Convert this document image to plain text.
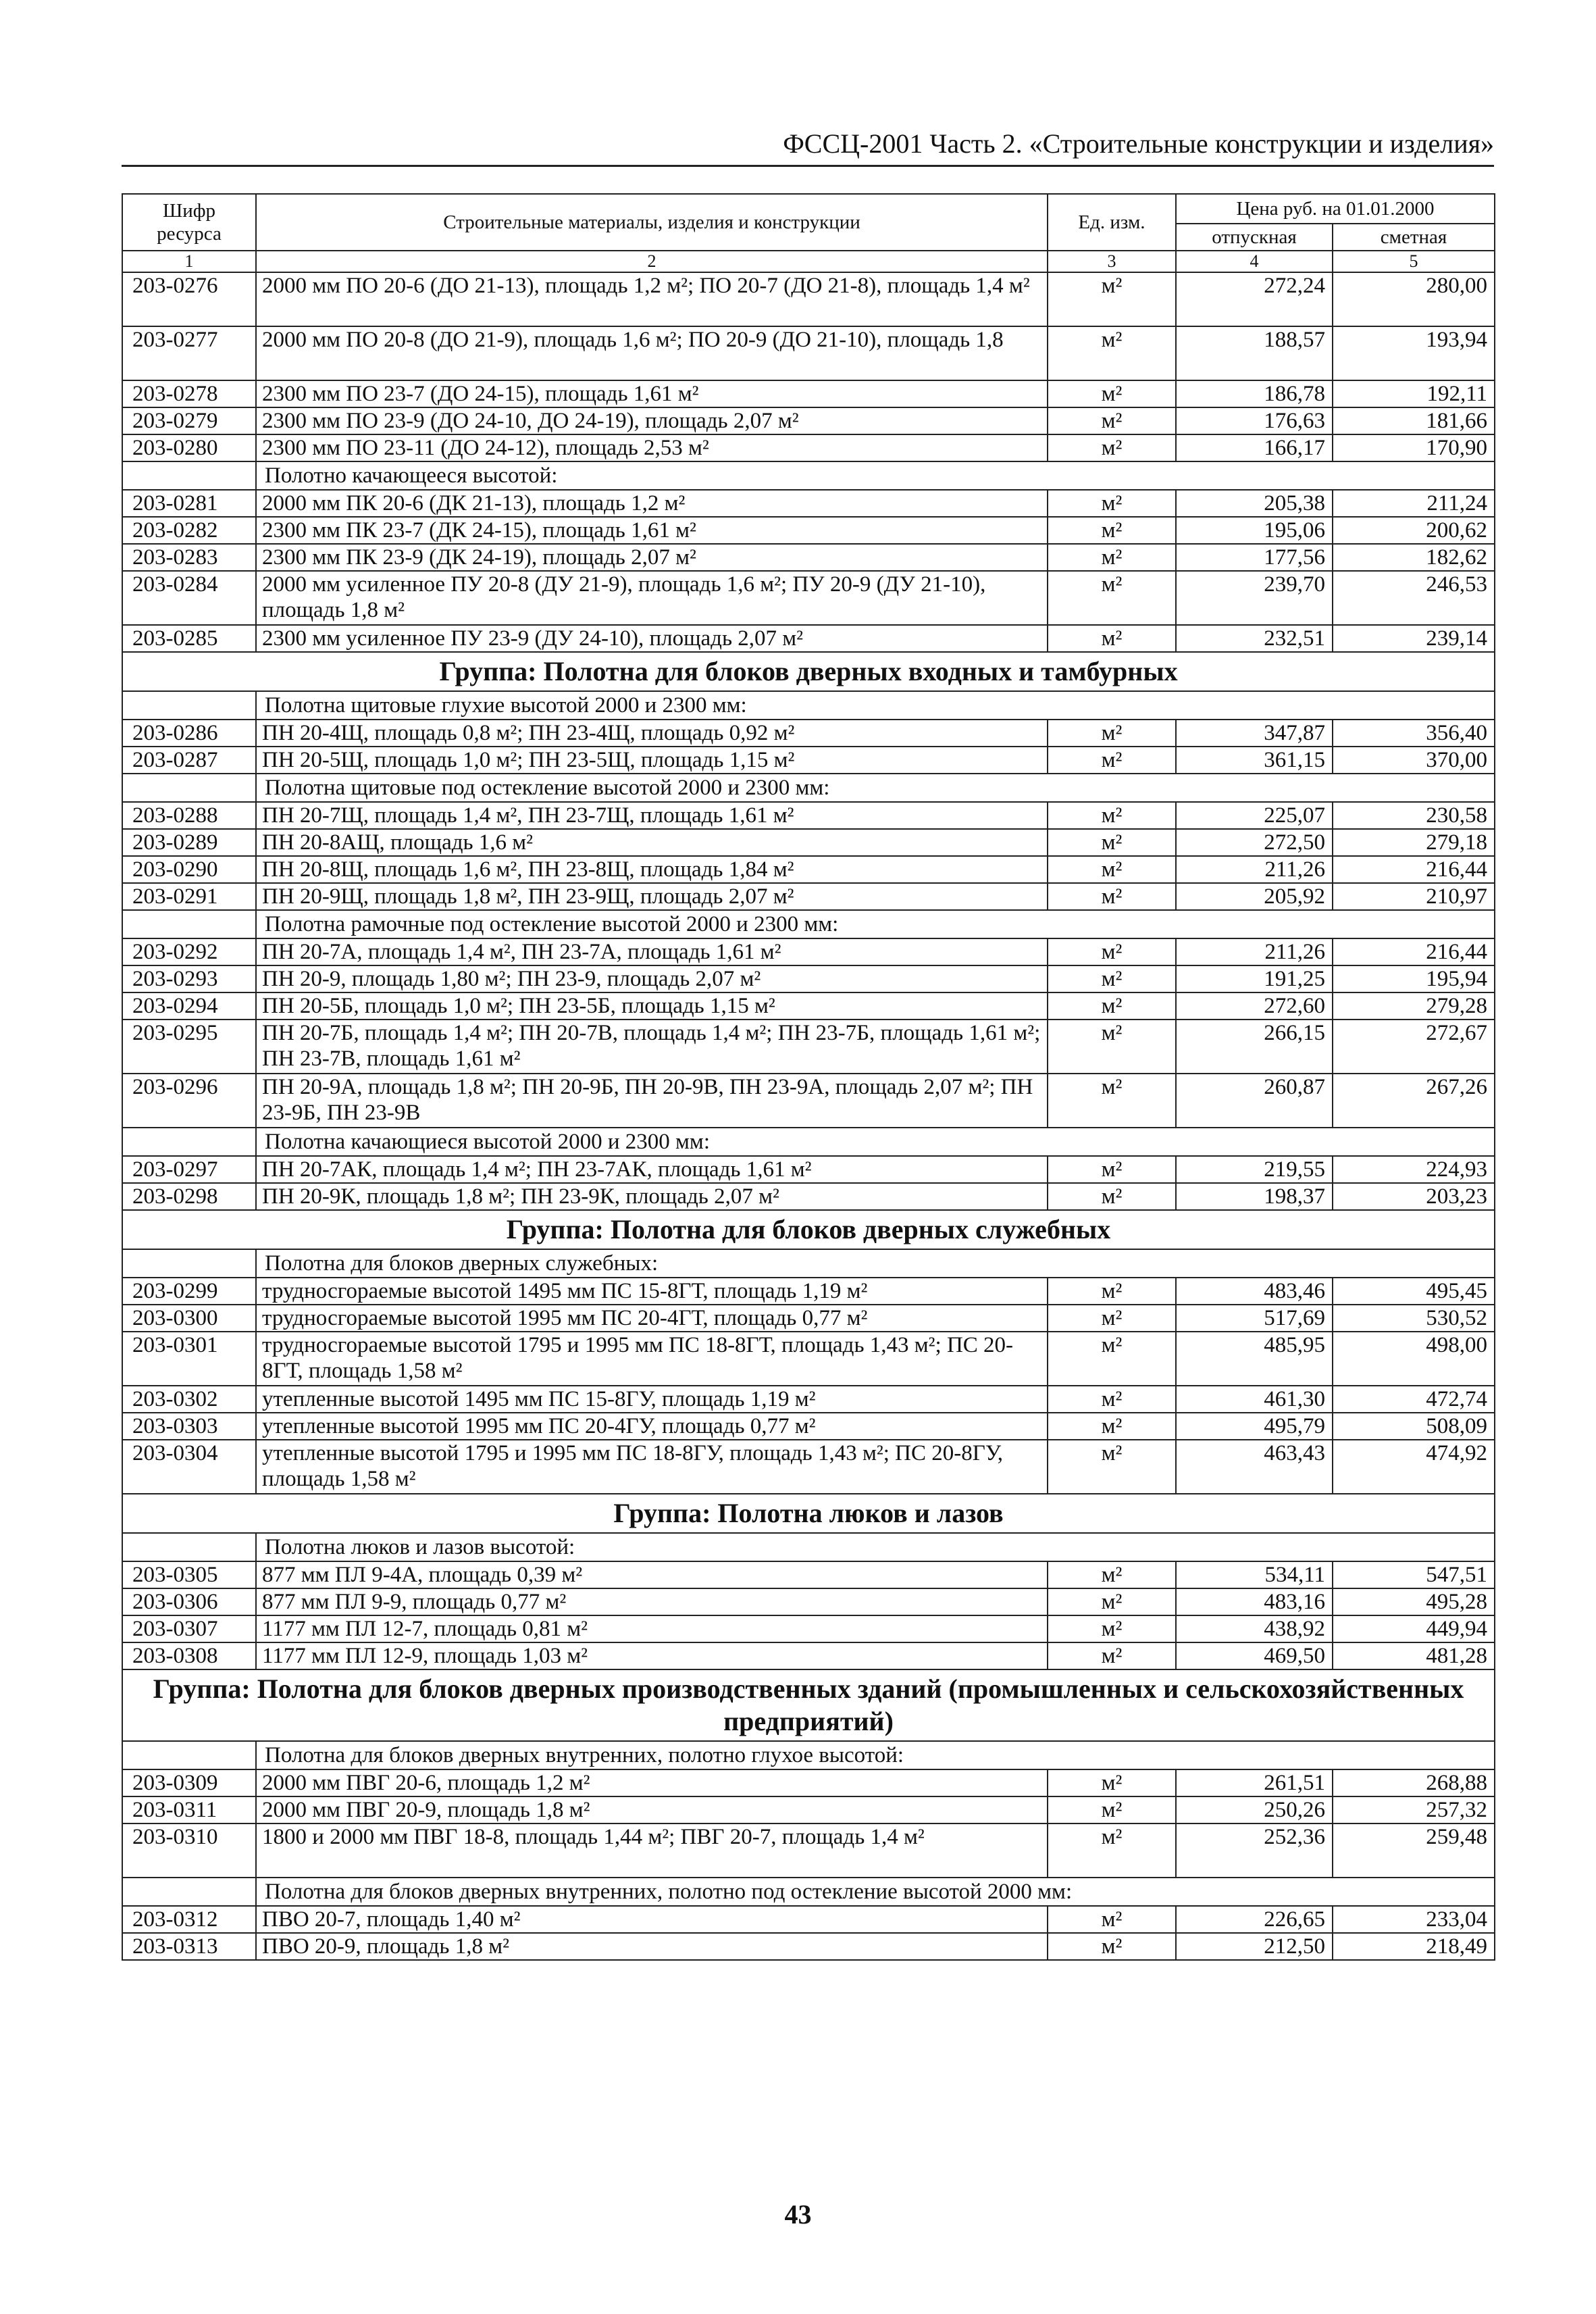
ФССЦ-2001 Часть 2. «Строительные конструкции и изделия»
Шифр ресурса	Строительные материалы, изделия и конструкции	Ед. изм.	Цена руб. на 01.01.2000	
			отпускная	сметная
1	2	3	4	5
203-0276	2000 мм ПО 20-6 (ДО 21-13), площадь 1,2 м²; ПО 20-7 (ДО 21-8), площадь 1,4 м²	м²	272,24	280,00
203-0277	2000 мм ПО 20-8 (ДО 21-9), площадь 1,6 м²; ПО 20-9 (ДО 21-10), площадь 1,8	м²	188,57	193,94
203-0278	2300 мм ПО 23-7 (ДО 24-15), площадь 1,61 м²	м²	186,78	192,11
203-0279	2300 мм ПО 23-9 (ДО 24-10, ДО 24-19), площадь 2,07 м²	м²	176,63	181,66
203-0280	2300 мм ПО 23-11 (ДО 24-12), площадь 2,53 м²	м²	166,17	170,90
	Полотно качающееся высотой:			
203-0281	2000 мм ПК 20-6 (ДК 21-13), площадь 1,2 м²	м²	205,38	211,24
203-0282	2300 мм ПК 23-7 (ДК 24-15), площадь 1,61 м²	м²	195,06	200,62
203-0283	2300 мм ПК 23-9 (ДК 24-19), площадь 2,07 м²	м²	177,56	182,62
203-0284	2000 мм усиленное ПУ 20-8 (ДУ 21-9), площадь 1,6 м²; ПУ 20-9 (ДУ 21-10), площадь 1,8 м²	м²	239,70	246,53
203-0285	2300 мм усиленное ПУ 23-9 (ДУ 24-10), площадь 2,07 м²	м²	232,51	239,14
Группа: Полотна для блоков дверных входных и тамбурных				
	Полотна щитовые глухие высотой 2000 и 2300 мм:			
203-0286	ПН 20-4Щ, площадь 0,8 м²; ПН 23-4Щ, площадь 0,92 м²	м²	347,87	356,40
203-0287	ПН 20-5Щ, площадь 1,0 м²; ПН 23-5Щ, площадь 1,15 м²	м²	361,15	370,00
	Полотна щитовые под остекление высотой 2000 и 2300 мм:			
203-0288	ПН 20-7Щ, площадь 1,4 м², ПН 23-7Щ, площадь 1,61 м²	м²	225,07	230,58
203-0289	ПН 20-8АЩ, площадь 1,6 м²	м²	272,50	279,18
203-0290	ПН 20-8Щ, площадь 1,6 м², ПН 23-8Щ, площадь 1,84 м²	м²	211,26	216,44
203-0291	ПН 20-9Щ, площадь 1,8 м², ПН 23-9Щ, площадь 2,07 м²	м²	205,92	210,97
	Полотна рамочные под остекление высотой 2000 и 2300 мм:			
203-0292	ПН 20-7А, площадь 1,4 м², ПН 23-7А, площадь 1,61 м²	м²	211,26	216,44
203-0293	ПН 20-9, площадь 1,80 м²; ПН 23-9, площадь 2,07 м²	м²	191,25	195,94
203-0294	ПН 20-5Б, площадь 1,0 м²; ПН 23-5Б, площадь 1,15 м²	м²	272,60	279,28
203-0295	ПН 20-7Б, площадь 1,4 м²; ПН 20-7В, площадь 1,4 м²; ПН 23-7Б, площадь 1,61 м²; ПН 23-7В, площадь 1,61 м²	м²	266,15	272,67
203-0296	ПН 20-9А, площадь 1,8 м²; ПН 20-9Б, ПН 20-9В, ПН 23-9А, площадь 2,07 м²; ПН 23-9Б, ПН 23-9В	м²	260,87	267,26
	Полотна качающиеся высотой 2000 и 2300 мм:			
203-0297	ПН 20-7АК, площадь 1,4 м²; ПН 23-7АК, площадь 1,61 м²	м²	219,55	224,93
203-0298	ПН 20-9К, площадь 1,8 м²; ПН 23-9К, площадь 2,07 м²	м²	198,37	203,23
Группа: Полотна для блоков дверных служебных				
	Полотна для блоков дверных служебных:			
203-0299	трудносгораемые высотой 1495 мм ПС 15-8ГТ, площадь 1,19 м²	м²	483,46	495,45
203-0300	трудносгораемые высотой 1995 мм ПС 20-4ГТ, площадь 0,77 м²	м²	517,69	530,52
203-0301	трудносгораемые высотой 1795 и 1995 мм ПС 18-8ГТ, площадь 1,43 м²; ПС 20-8ГТ, площадь 1,58 м²	м²	485,95	498,00
203-0302	утепленные высотой 1495 мм ПС 15-8ГУ, площадь 1,19 м²	м²	461,30	472,74
203-0303	утепленные высотой 1995 мм ПС 20-4ГУ, площадь 0,77 м²	м²	495,79	508,09
203-0304	утепленные высотой 1795 и 1995 мм ПС 18-8ГУ, площадь 1,43 м²; ПС 20-8ГУ, площадь 1,58 м²	м²	463,43	474,92
Группа: Полотна люков и лазов				
	Полотна люков и лазов высотой:			
203-0305	877 мм ПЛ 9-4А, площадь 0,39 м²	м²	534,11	547,51
203-0306	877 мм ПЛ 9-9, площадь 0,77 м²	м²	483,16	495,28
203-0307	1177 мм ПЛ 12-7, площадь 0,81 м²	м²	438,92	449,94
203-0308	1177 мм ПЛ 12-9, площадь 1,03 м²	м²	469,50	481,28
Группа: Полотна для блоков дверных производственных зданий (промышленных и сельскохозяйственных предприятий)				
	Полотна для блоков дверных внутренних, полотно глухое высотой:			
203-0309	2000 мм ПВГ 20-6, площадь 1,2 м²	м²	261,51	268,88
203-0311	2000 мм ПВГ 20-9, площадь 1,8 м²	м²	250,26	257,32
203-0310	1800 и 2000 мм ПВГ 18-8, площадь 1,44 м²; ПВГ 20-7, площадь 1,4 м²	м²	252,36	259,48
	Полотна для блоков дверных внутренних, полотно под остекление высотой 2000 мм:			
203-0312	ПВО 20-7, площадь 1,40 м²	м²	226,65	233,04
203-0313	ПВО 20-9, площадь 1,8 м²	м²	212,50	218,49
43
